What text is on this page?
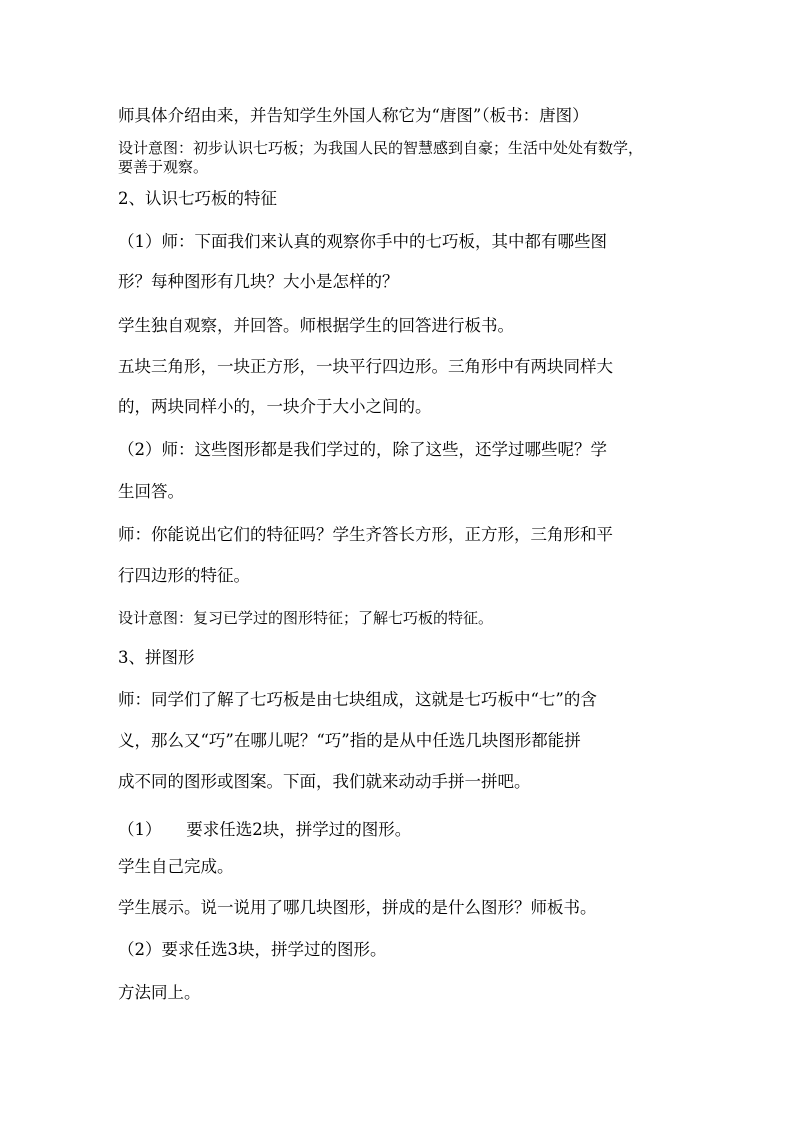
师具体介绍由来，并告知学生外国人称它为“唐图”（板书：唐图）
设计意图：初步认识七巧板；为我国人民的智慧感到自豪；生活中处处有数学，
要善于观察。
2、认识七巧板的特征
（1）师：下面我们来认真的观察你手中的七巧板，其中都有哪些图
形？每种图形有几块？大小是怎样的？
学生独自观察，并回答。师根据学生的回答进行板书。
五块三角形，一块正方形，一块平行四边形。三角形中有两块同样大
的，两块同样小的，一块介于大小之间的。
（2）师：这些图形都是我们学过的，除了这些，还学过哪些呢？学
生回答。
师：你能说出它们的特征吗？学生齐答长方形，正方形，三角形和平
行四边形的特征。
设计意图：复习已学过的图形特征；了解七巧板的特征。
3、拼图形
师：同学们了解了七巧板是由七块组成，这就是七巧板中“七”的含
义，那么又“巧”在哪儿呢？“巧”指的是从中任选几块图形都能拼
成不同的图形或图案。下面，我们就来动动手拼一拼吧。
（1）　　要求任选2块，拼学过的图形。
学生自己完成。
学生展示。说一说用了哪几块图形，拼成的是什么图形？师板书。
（2）要求任选3块，拼学过的图形。
方法同上。
